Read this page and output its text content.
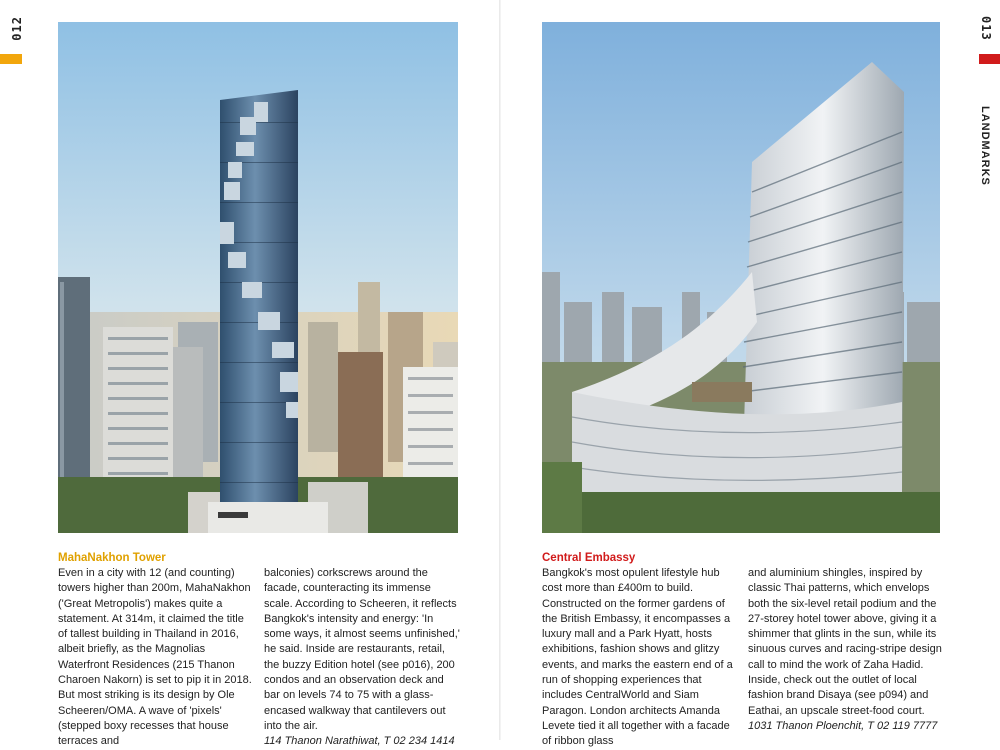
012	013
LANDMARKS
MahaNakhon Tower

Even in a city with 12 (and counting) towers higher than 200m, MahaNakhon ('Great Metropolis') makes quite a statement. At 314m, it claimed the title of tallest building in Thailand in 2016, albeit briefly, as the Magnolias Waterfront Residences (215 Thanon Charoen Nakorn) is set to pip it in 2018. But most striking is its design by Ole Scheeren/OMA. A wave of 'pixels' (stepped boxy recesses that house terraces and

balconies) corkscrews around the facade, counteracting its immense scale. According to Scheeren, it reflects Bangkok's intensity and energy: 'In some ways, it almost seems unfinished,' he said. Inside are restaurants, retail, the buzzy Edition hotel (see p016), 200 condos and an observation deck and bar on levels 74 to 75 with a glass-encased walkway that cantilevers out into the air.

114 Thanon Narathiwat, T 02 234 1414

Central Embassy

Bangkok's most opulent lifestyle hub cost more than £400m to build. Constructed on the former gardens of the British Embassy, it encompasses a luxury mall and a Park Hyatt, hosts exhibitions, fashion shows and glitzy events, and marks the eastern end of a run of shopping experiences that includes CentralWorld and Siam Paragon. London architects Amanda Levete tied it all together with a facade of ribbon glass

and aluminium shingles, inspired by classic Thai patterns, which envelops both the six-level retail podium and the 27-storey hotel tower above, giving it a shimmer that glints in the sun, while its sinuous curves and racing-stripe design call to mind the work of Zaha Hadid. Inside, check out the outlet of local fashion brand Disaya (see p094) and Eathai, an upscale street-food court.

1031 Thanon Ploenchit, T 02 119 7777
